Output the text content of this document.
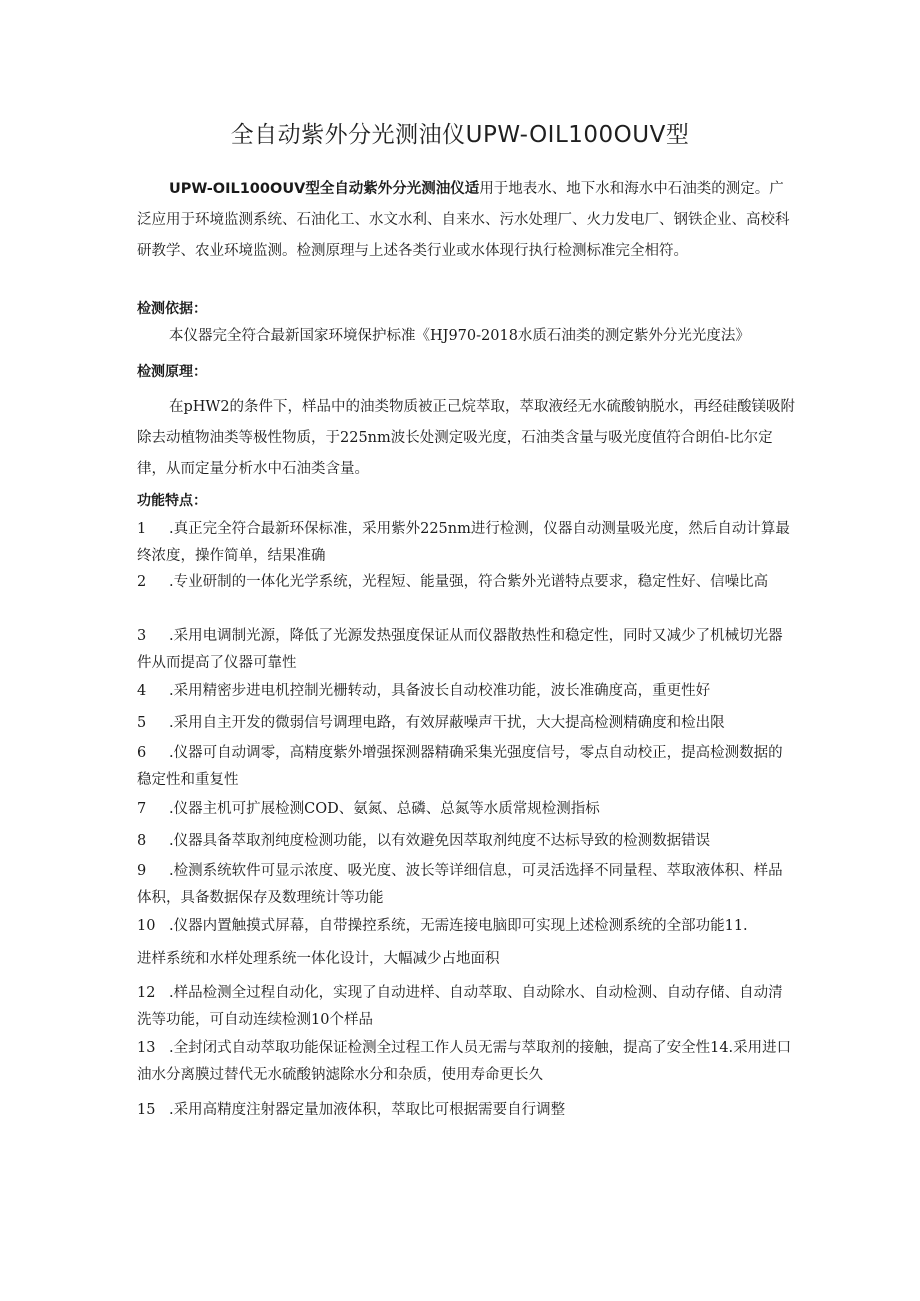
全自动紫外分光测油仪UPW-OIL100OUV型
UPW-OIL100OUV型全自动紫外分光测油仪适用于地表水、地下水和海水中石油类的测定。广泛应用于环境监测系统、石油化工、水文水利、自来水、污水处理厂、火力发电厂、钢铁企业、高校科研教学、农业环境监测。检测原理与上述各类行业或水体现行执行检测标准完全相符。
检测依据：
本仪器完全符合最新国家环境保护标准《HJ970-2018水质石油类的测定紫外分光光度法》
检测原理：
在pHW2的条件下，样品中的油类物质被正己烷萃取，萃取液经无水硫酸钠脱水，再经硅酸镁吸附除去动植物油类等极性物质，于225nm波长处测定吸光度，石油类含量与吸光度值符合朗伯-比尔定律，从而定量分析水中石油类含量。
功能特点：
1 .真正完全符合最新环保标准，采用紫外225nm进行检测，仪器自动测量吸光度，然后自动计算最终浓度，操作简单，结果准确
2 .专业研制的一体化光学系统，光程短、能量强，符合紫外光谱特点要求，稳定性好、信噪比高
3 .采用电调制光源，降低了光源发热强度保证从而仪器散热性和稳定性，同时又减少了机械切光器件从而提高了仪器可靠性
4 .采用精密步进电机控制光栅转动，具备波长自动校准功能，波长准确度高，重更性好
5 .采用自主开发的微弱信号调理电路，有效屏蔽噪声干扰，大大提高检测精确度和检出限
6 .仪器可自动调零，高精度紫外增强探测器精确采集光强度信号，零点自动校正，提高检测数据的稳定性和重复性
7 .仪器主机可扩展检测COD、氨氮、总磷、总氮等水质常规检测指标
8 .仪器具备萃取剂纯度检测功能，以有效避免因萃取剂纯度不达标导致的检测数据错误
9 .检测系统软件可显示浓度、吸光度、波长等详细信息，可灵活选择不同量程、萃取液体积、样品体积，具备数据保存及数理统计等功能
10 .仪器内置触摸式屏幕，自带操控系统，无需连接电脑即可实现上述检测系统的全部功能11.
进样系统和水样处理系统一体化设计，大幅减少占地面积
12 .样品检测全过程自动化，实现了自动进样、自动萃取、自动除水、自动检测、自动存储、自动清洗等功能，可自动连续检测10个样品
13 .全封闭式自动萃取功能保证检测全过程工作人员无需与萃取剂的接触，提高了安全性14.采用进口油水分离膜过替代无水硫酸钠滤除水分和杂质，使用寿命更长久
15 .采用高精度注射器定量加液体积，萃取比可根据需要自行调整
